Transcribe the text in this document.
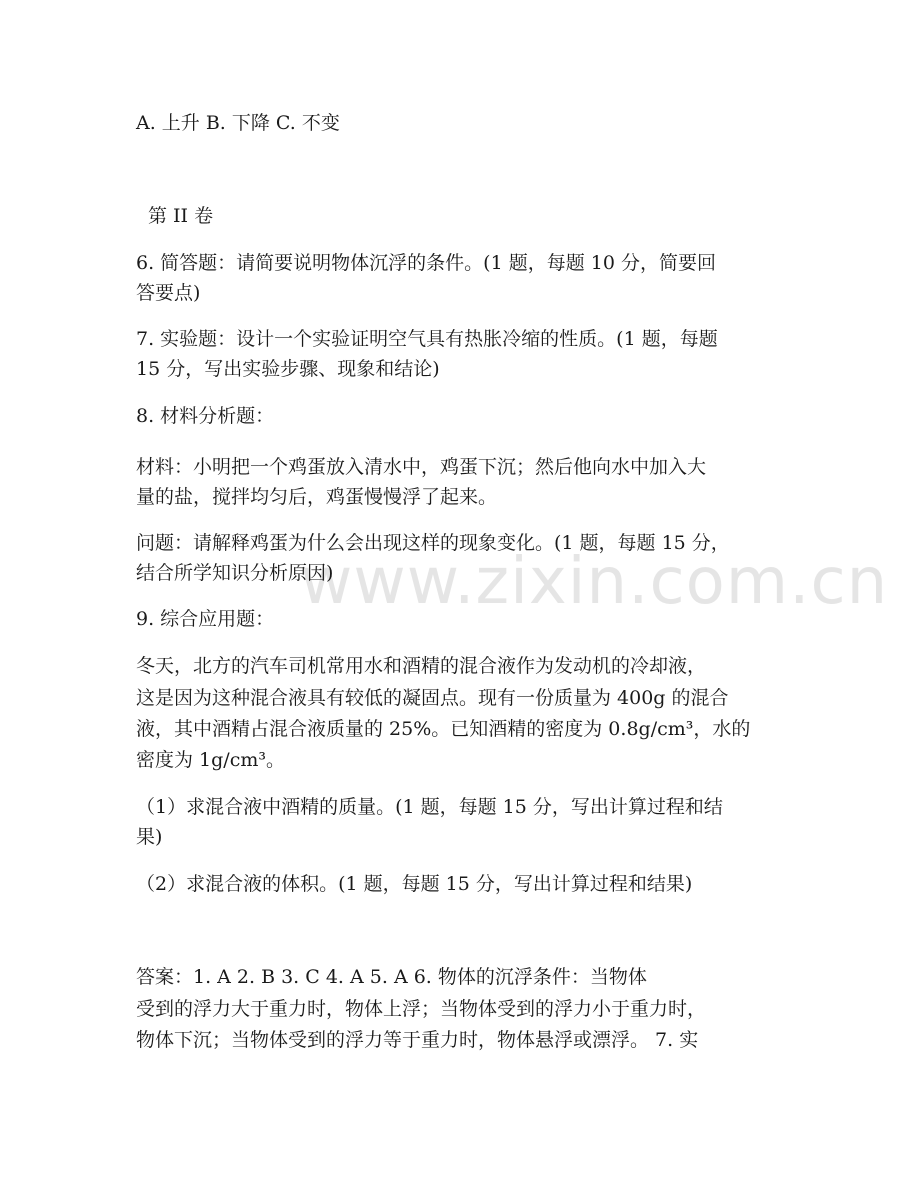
www.zixin.com.cn
A. 上升 B. 下降 C. 不变
第 II 卷
6. 简答题：请简要说明物体沉浮的条件。(1 题，每题 10 分，简要回
答要点)
7. 实验题：设计一个实验证明空气具有热胀冷缩的性质。(1 题，每题
15 分，写出实验步骤、现象和结论)
8. 材料分析题：
材料：小明把一个鸡蛋放入清水中，鸡蛋下沉；然后他向水中加入大
量的盐，搅拌均匀后，鸡蛋慢慢浮了起来。
问题：请解释鸡蛋为什么会出现这样的现象变化。(1 题，每题 15 分，
结合所学知识分析原因)
9. 综合应用题：
冬天，北方的汽车司机常用水和酒精的混合液作为发动机的冷却液，
这是因为这种混合液具有较低的凝固点。现有一份质量为 400g 的混合
液，其中酒精占混合液质量的 25%。已知酒精的密度为 0.8g/cm³，水的
密度为 1g/cm³。
（1）求混合液中酒精的质量。(1 题，每题 15 分，写出计算过程和结
果)
（2）求混合液的体积。(1 题，每题 15 分，写出计算过程和结果)
答案：1. A 2. B 3. C 4. A 5. A 6. 物体的沉浮条件：当物体
受到的浮力大于重力时，物体上浮；当物体受到的浮力小于重力时，
物体下沉；当物体受到的浮力等于重力时，物体悬浮或漂浮。 7. 实
